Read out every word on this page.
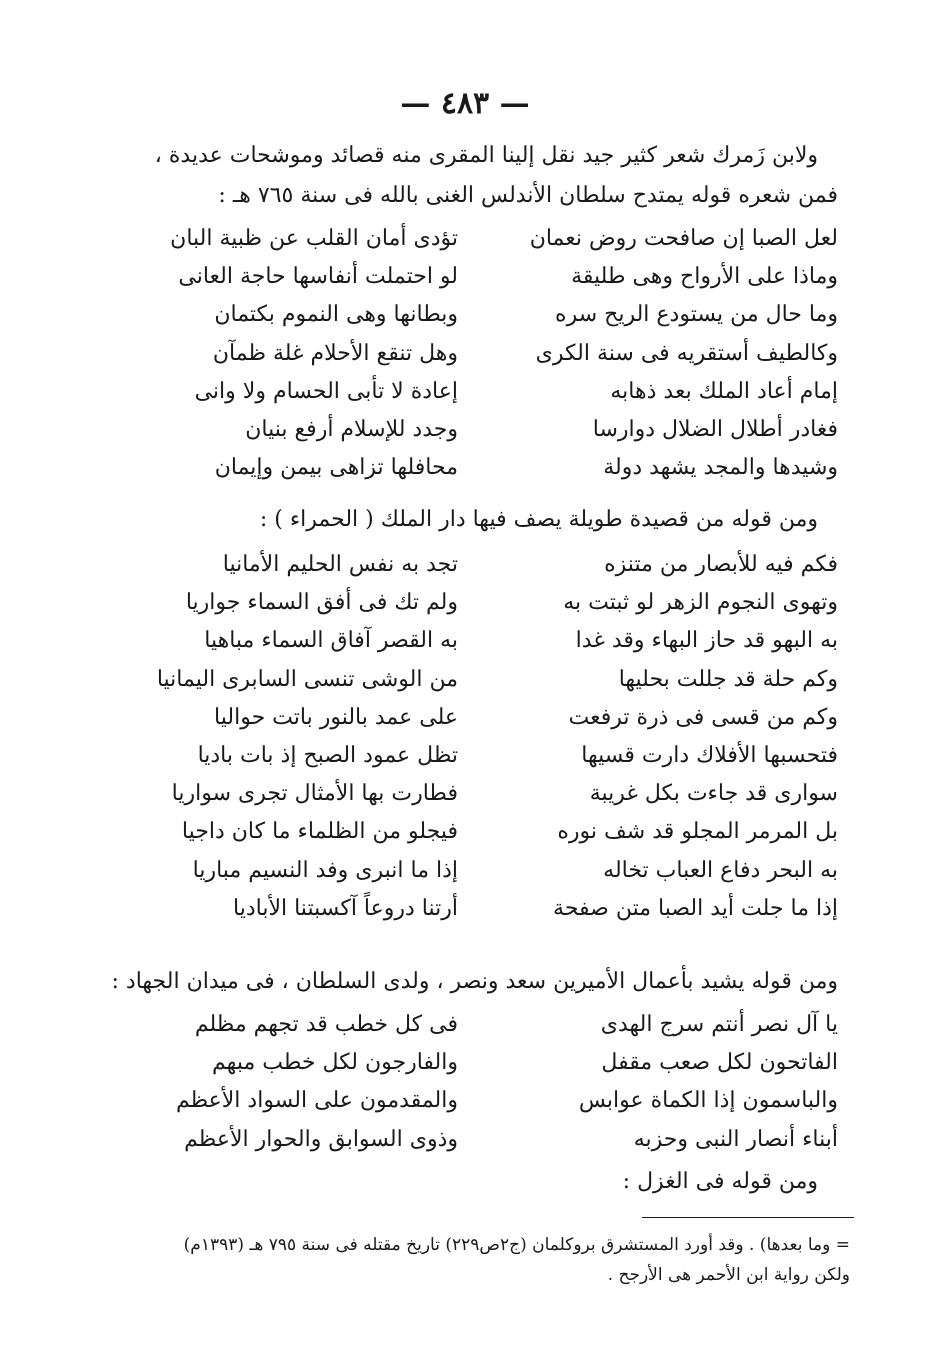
— ٤٨٣ —
ولابن زَمرك شعر كثير جيد نقل إلينا المقرى منه قصائد وموشحات عديدة ،
فمن شعره قوله يمتدح سلطان الأندلس الغنى بالله فى سنة ٧٦٥ هـ :
لعل الصبا إن صافحت روض نعمان
تؤدى أمان القلب عن ظبية البان
وماذا على الأرواح وهى طليقة
لو احتملت أنفاسها حاجة العانى
وما حال من يستودع الريح سره
وبطانها وهى النموم بكتمان
وكالطيف أستقريه فى سنة الكرى
وهل تنقع الأحلام غلة ظمآن
إمام أعاد الملك بعد ذهابه
إعادة لا تأبى الحسام ولا وانى
فغادر أطلال الضلال دوارسا
وجدد للإسلام أرفع بنيان
وشيدها والمجد يشهد دولة
محافلها تزاهى بيمن وإيمان
ومن قوله من قصيدة طويلة يصف فيها دار الملك ( الحمراء ) :
فكم فيه للأبصار من متنزه
تجد به نفس الحليم الأمانيا
وتهوى النجوم الزهر لو ثبتت به
ولم تك فى أفق السماء جواريا
به البهو قد حاز البهاء وقد غدا
به القصر آفاق السماء مباهيا
وكم حلة قد جللت بحليها
من الوشى تنسى السابرى اليمانيا
وكم من قسى فى ذرة ترفعت
على عمد بالنور باتت حواليا
فتحسبها الأفلاك دارت قسيها
تظل عمود الصبح إذ بات باديا
سوارى قد جاءت بكل غريبة
فطارت بها الأمثال تجرى سواريا
بل المرمر المجلو قد شف نوره
فيجلو من الظلماء ما كان داجيا
به البحر دفاع العباب تخاله
إذا ما انبرى وفد النسيم مباريا
إذا ما جلت أيد الصبا متن صفحة
أرتنا دروعاً آكسبتنا الأباديا
ومن قوله يشيد بأعمال الأميرين سعد ونصر ، ولدى السلطان ، فى ميدان الجهاد :
يا آل نصر أنتم سرج الهدى
فى كل خطب قد تجهم مظلم
الفاتحون لكل صعب مقفل
والفارجون لكل خطب مبهم
والباسمون إذا الكماة عوابس
والمقدمون على السواد الأعظم
أبناء أنصار النبى وحزبه
وذوى السوابق والحوار الأعظم
ومن قوله فى الغزل :
= وما بعدها) . وقد أورد المستشرق بروكلمان (ج٢ص٢٢٩) تاريخ مقتله فى سنة ٧٩٥ هـ (١٣٩٣م)
ولكن رواية ابن الأحمر هى الأرجح .
